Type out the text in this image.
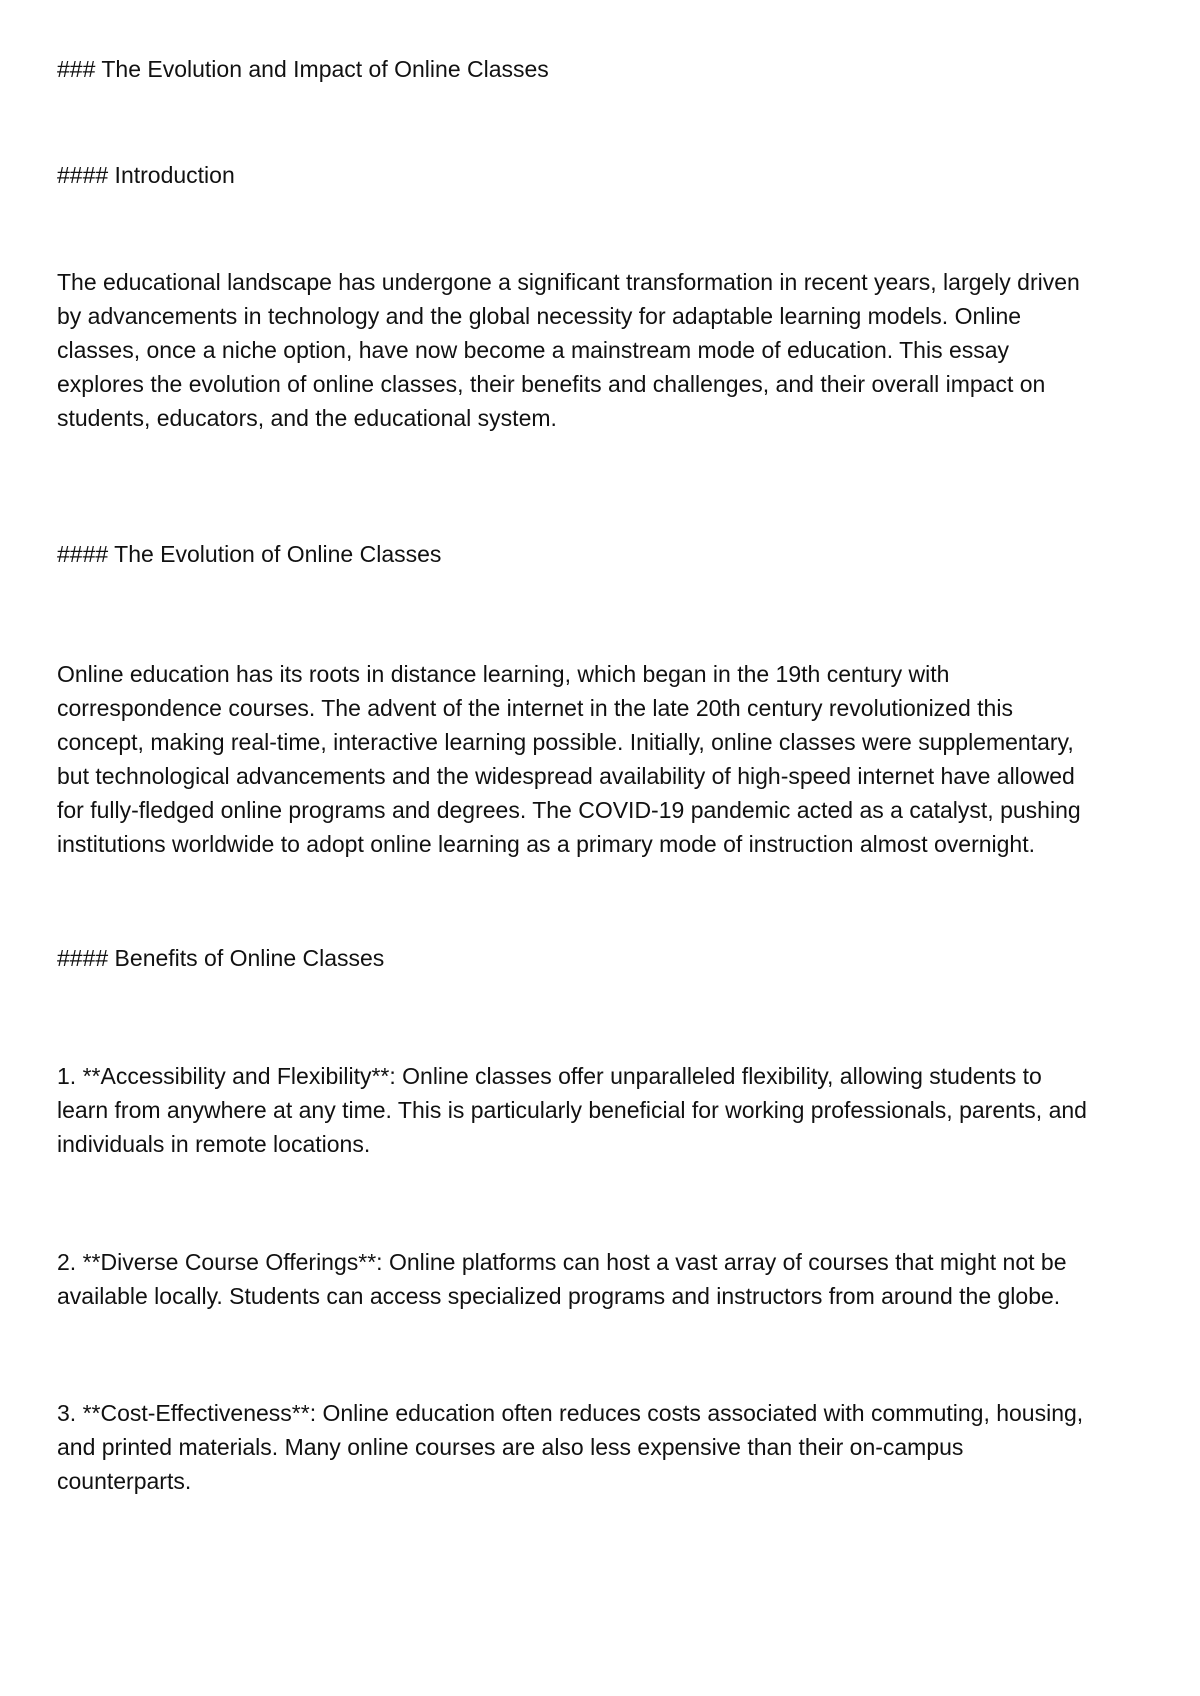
### The Evolution and Impact of Online Classes

#### Introduction

The educational landscape has undergone a significant transformation in recent years, largely driven
by advancements in technology and the global necessity for adaptable learning models. Online
classes, once a niche option, have now become a mainstream mode of education. This essay
explores the evolution of online classes, their benefits and challenges, and their overall impact on
students, educators, and the educational system.

#### The Evolution of Online Classes

Online education has its roots in distance learning, which began in the 19th century with
correspondence courses. The advent of the internet in the late 20th century revolutionized this
concept, making real-time, interactive learning possible. Initially, online classes were supplementary,
but technological advancements and the widespread availability of high-speed internet have allowed
for fully-fledged online programs and degrees. The COVID-19 pandemic acted as a catalyst, pushing
institutions worldwide to adopt online learning as a primary mode of instruction almost overnight.

#### Benefits of Online Classes

1. **Accessibility and Flexibility**: Online classes offer unparalleled flexibility, allowing students to
learn from anywhere at any time. This is particularly beneficial for working professionals, parents, and
individuals in remote locations.

2. **Diverse Course Offerings**: Online platforms can host a vast array of courses that might not be
available locally. Students can access specialized programs and instructors from around the globe.

3. **Cost-Effectiveness**: Online education often reduces costs associated with commuting, housing,
and printed materials. Many online courses are also less expensive than their on-campus
counterparts.
